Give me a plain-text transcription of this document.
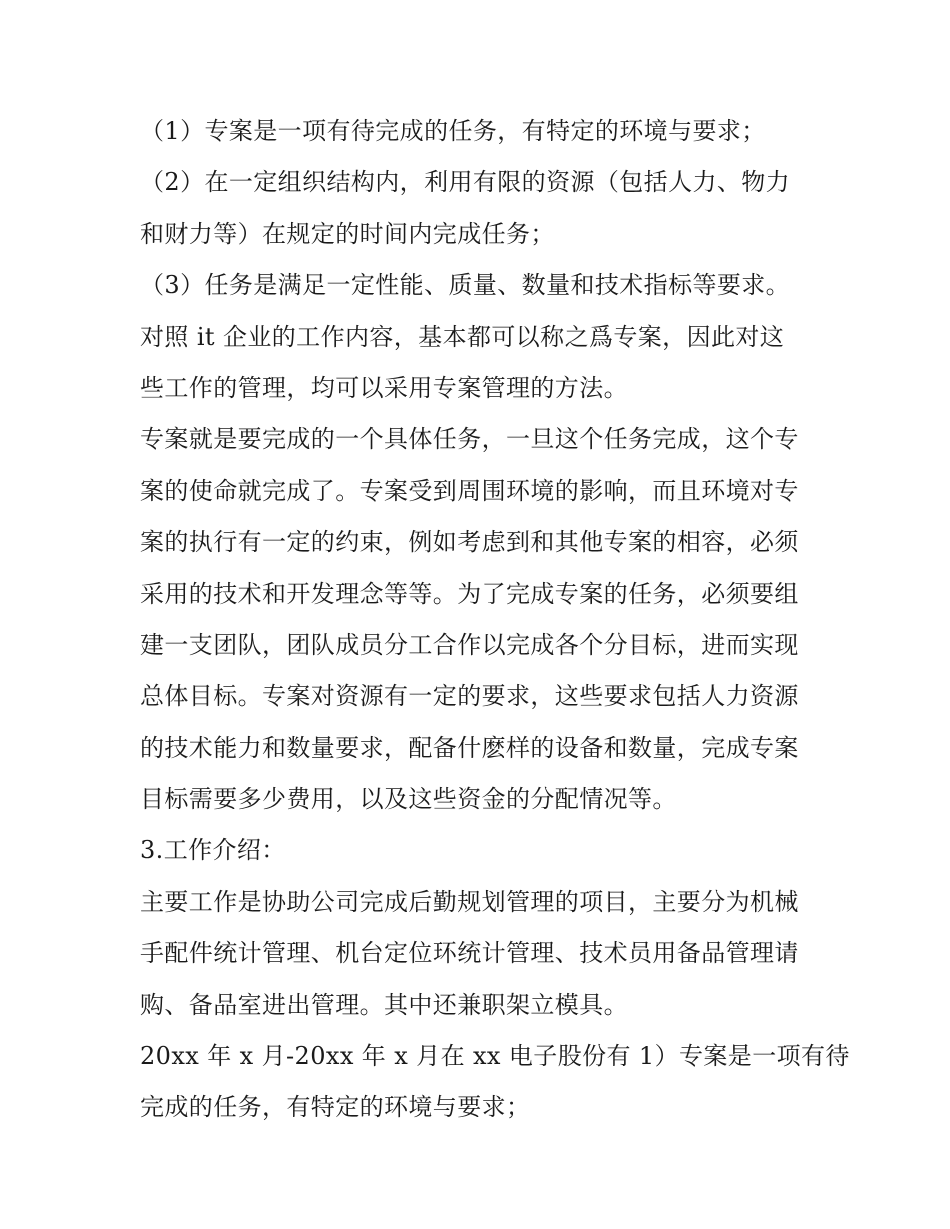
（1）专案是一项有待完成的任务，有特定的环境与要求；
（2）在一定组织结构内，利用有限的资源（包括人力、物力
和财力等）在规定的时间内完成任务；
（3）任务是满足一定性能、质量、数量和技术指标等要求。
对照 it 企业的工作内容，基本都可以称之爲专案，因此对这
些工作的管理，均可以采用专案管理的方法。
专案就是要完成的一个具体任务，一旦这个任务完成，这个专
案的使命就完成了。专案受到周围环境的影响，而且环境对专
案的执行有一定的约束，例如考虑到和其他专案的相容，必须
采用的技术和开发理念等等。为了完成专案的任务，必须要组
建一支团队，团队成员分工合作以完成各个分目标，进而实现
总体目标。专案对资源有一定的要求，这些要求包括人力资源
的技术能力和数量要求，配备什麽样的设备和数量，完成专案
目标需要多少费用，以及这些资金的分配情况等。
3.工作介绍：
主要工作是协助公司完成后勤规划管理的项目，主要分为机械
手配件统计管理、机台定位环统计管理、技术员用备品管理请
购、备品室进出管理。其中还兼职架立模具。
20xx 年 x 月-20xx 年 x 月在 xx 电子股份有 1）专案是一项有待
完成的任务，有特定的环境与要求；
